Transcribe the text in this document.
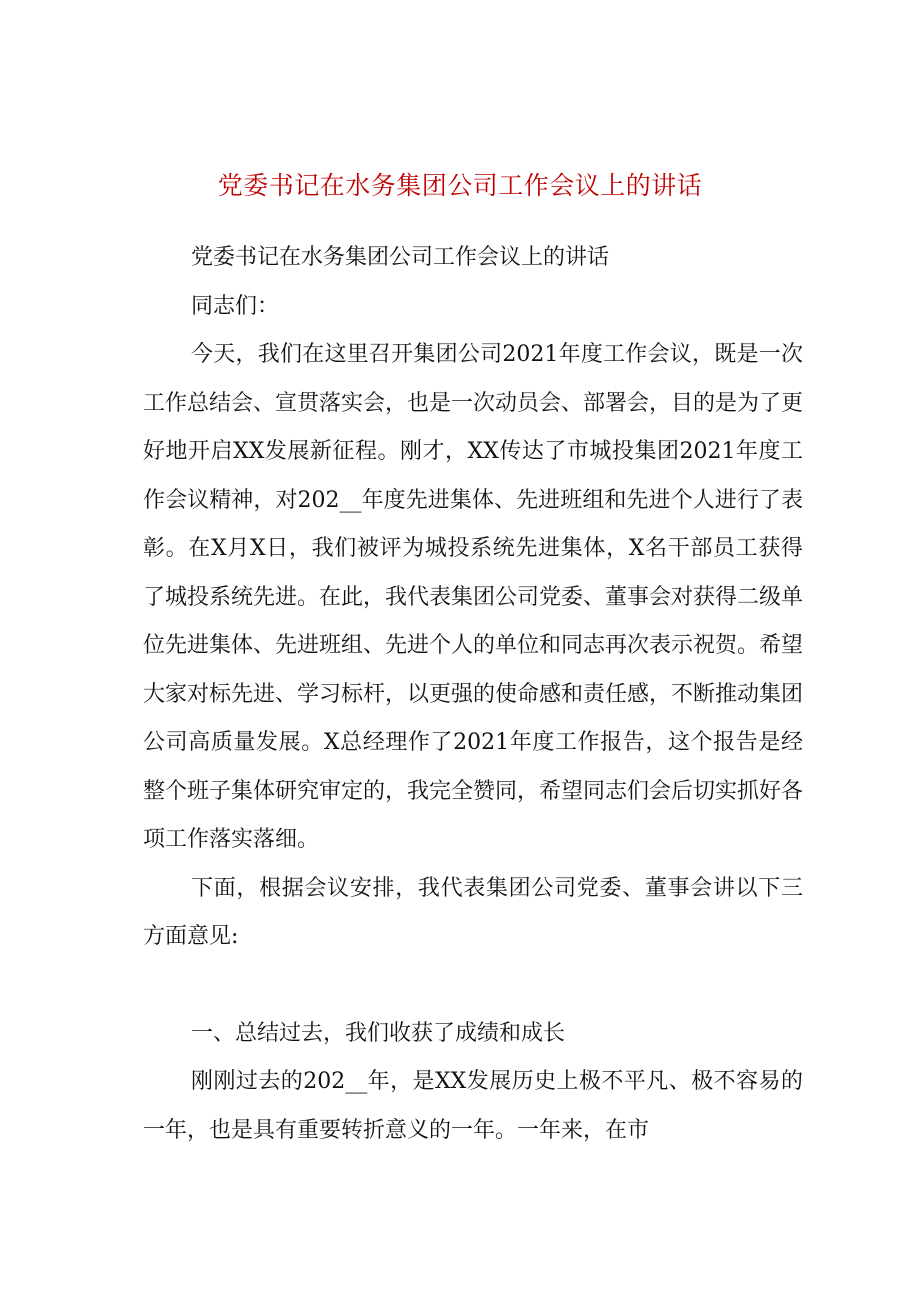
党委书记在水务集团公司工作会议上的讲话

党委书记在水务集团公司工作会议上的讲话

同志们：

今天，我们在这里召开集团公司2021年度工作会议，既是一次工作总结会、宣贯落实会，也是一次动员会、部署会，目的是为了更好地开启XX发展新征程。刚才，XX传达了市城投集团2021年度工作会议精神，对202__年度先进集体、先进班组和先进个人进行了表彰。在X月X日，我们被评为城投系统先进集体，X名干部员工获得了城投系统先进。在此，我代表集团公司党委、董事会对获得二级单位先进集体、先进班组、先进个人的单位和同志再次表示祝贺。希望大家对标先进、学习标杆，以更强的使命感和责任感，不断推动集团公司高质量发展。X总经理作了2021年度工作报告，这个报告是经整个班子集体研究审定的，我完全赞同，希望同志们会后切实抓好各项工作落实落细。

下面，根据会议安排，我代表集团公司党委、董事会讲以下三方面意见:

一、总结过去，我们收获了成绩和成长

刚刚过去的202__年，是XX发展历史上极不平凡、极不容易的一年，也是具有重要转折意义的一年。一年来，在市
